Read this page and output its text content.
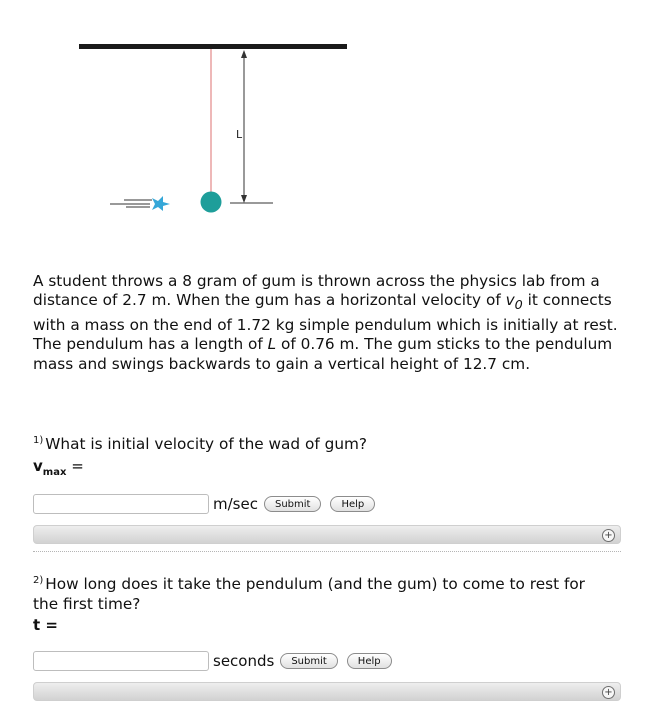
L

A student throws a 8 gram of gum is thrown across the physics lab from a distance of 2.7 m. When the gum has a horizontal velocity of $v_0$ it connects with a mass on the end of 1.72 kg simple pendulum which is initially at rest. The pendulum has a length of L of 0.76 m. The gum sticks to the pendulum mass and swings backwards to gain a vertical height of 12.7 cm.

$^{1)}$ What is initial velocity of the wad of gum?
$v_{max}$ =
m/sec	Submit	Help
+
$^{2)}$ How long does it take the pendulum (and the gum) to come to rest for the first time?
t =
seconds	Submit	Help
+
